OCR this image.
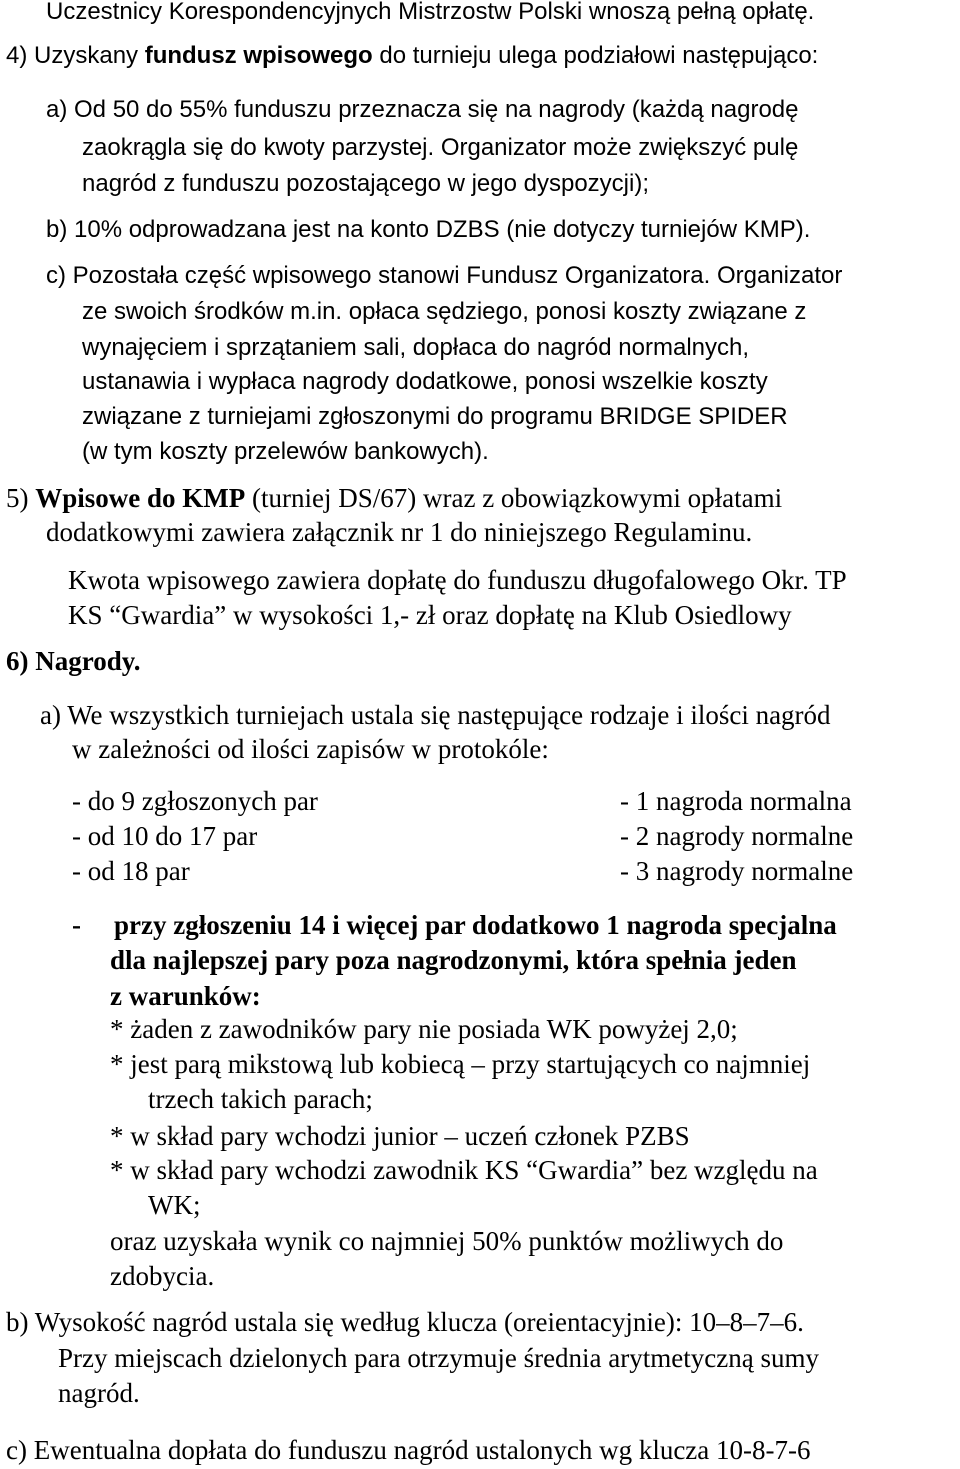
Uczestnicy Korespondencyjnych Mistrzostw Polski wnoszą pełną opłatę.

4) Uzyskany fundusz wpisowego do turnieju ulega podziałowi następująco:

a) Od 50 do 55% funduszu przeznacza się na nagrody (każdą nagrodę

zaokrągla się do kwoty parzystej. Organizator może zwiększyć pulę

nagród z funduszu pozostającego w jego dyspozycji);

b) 10% odprowadzana jest na konto DZBS (nie dotyczy turniejów KMP).

c) Pozostała część wpisowego stanowi Fundusz Organizatora. Organizator

ze swoich środków m.in. opłaca sędziego, ponosi koszty związane z

wynajęciem i sprzątaniem sali, dopłaca do nagród normalnych,

ustanawia i wypłaca nagrody dodatkowe, ponosi wszelkie koszty

związane z turniejami zgłoszonymi do programu BRIDGE SPIDER

(w tym koszty przelewów bankowych).

5) Wpisowe do KMP (turniej DS/67) wraz z obowiązkowymi opłatami

dodatkowymi zawiera załącznik nr 1 do niniejszego Regulaminu.

Kwota wpisowego zawiera dopłatę do funduszu długofalowego Okr. TP

KS “Gwardia” w wysokości 1,- zł oraz dopłatę na Klub Osiedlowy

6) Nagrody.

a) We wszystkich turniejach ustala się następujące rodzaje i ilości nagród

w zależności od ilości zapisów w protokóle:

- do 9 zgłoszonych par	- 1 nagroda normalna
- od 10 do 17 par	- 2 nagrody normalne
- od 18 par	- 3 nagrody normalne

- przy zgłoszeniu 14 i więcej par dodatkowo 1 nagroda specjalna

dla najlepszej pary poza nagrodzonymi, która spełnia jeden

z warunków:

* żaden z zawodników pary nie posiada WK powyżej 2,0;

* jest parą mikstową lub kobiecą – przy startujących co najmniej

trzech takich parach;

* w skład pary wchodzi junior – uczeń członek PZBS

* w skład pary wchodzi zawodnik KS “Gwardia” bez względu na

WK;

oraz uzyskała wynik co najmniej 50% punktów możliwych do

zdobycia.

b) Wysokość nagród ustala się według klucza (oreientacyjnie): 10–8–7–6.

Przy miejscach dzielonych para otrzymuje średnia arytmetyczną sumy

nagród.

c) Ewentualna dopłata do funduszu nagród ustalonych wg klucza 10-8-7-6
